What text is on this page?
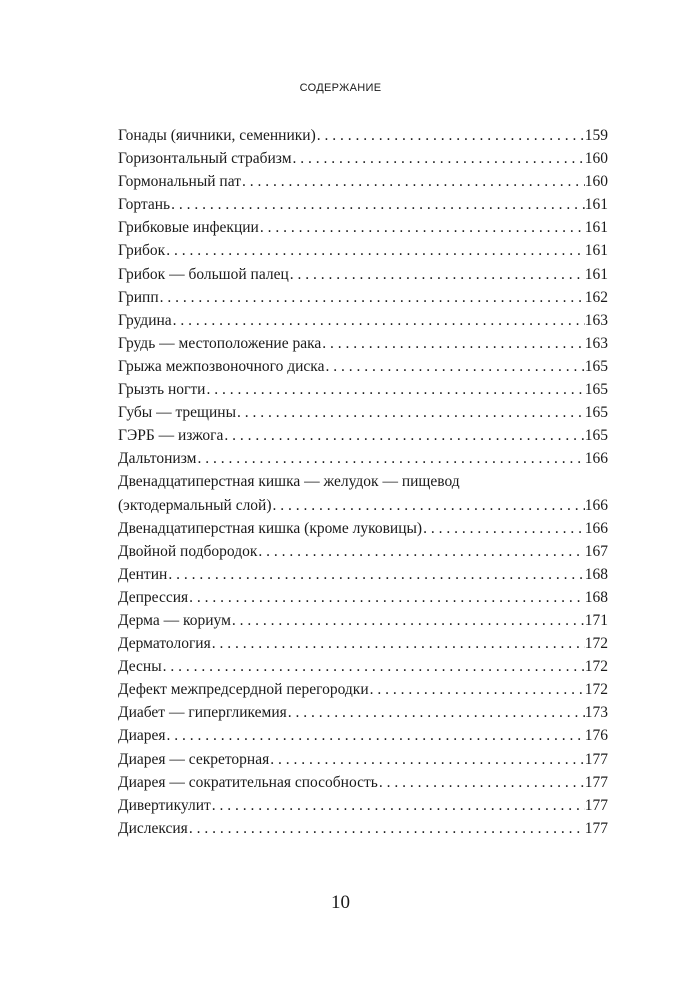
СОДЕРЖАНИЕ
Гонады (яичники, семенники) . . .	159
Горизонтальный страбизм . . .	160
Гормональный пат . . .	160
Гортань . . .	161
Грибковые инфекции . . .	161
Грибок . . .	161
Грибок — большой палец . . .	161
Грипп . . .	162
Грудина . . .	163
Грудь — местоположение рака . . .	163
Грыжа межпозвоночного диска . . .	165
Грызть ногти . . .	165
Губы — трещины . . .	165
ГЭРБ — изжога . . .	165
Дальтонизм . . .	166
Двенадцатиперстная кишка — желудок — пищевод
(эктодермальный слой) . . .	166
Двенадцатиперстная кишка (кроме луковицы) . . .	166
Двойной подбородок . . .	167
Дентин . . .	168
Депрессия . . .	168
Дерма — кориум . . .	171
Дерматология . . .	172
Десны . . .	172
Дефект межпредсердной перегородки . . .	172
Диабет — гипергликемия . . .	173
Диарея . . .	176
Диарея — секреторная . . .	177
Диарея — сократительная способность . . .	177
Дивертикулит . . .	177
Дислексия . . .	177
10
